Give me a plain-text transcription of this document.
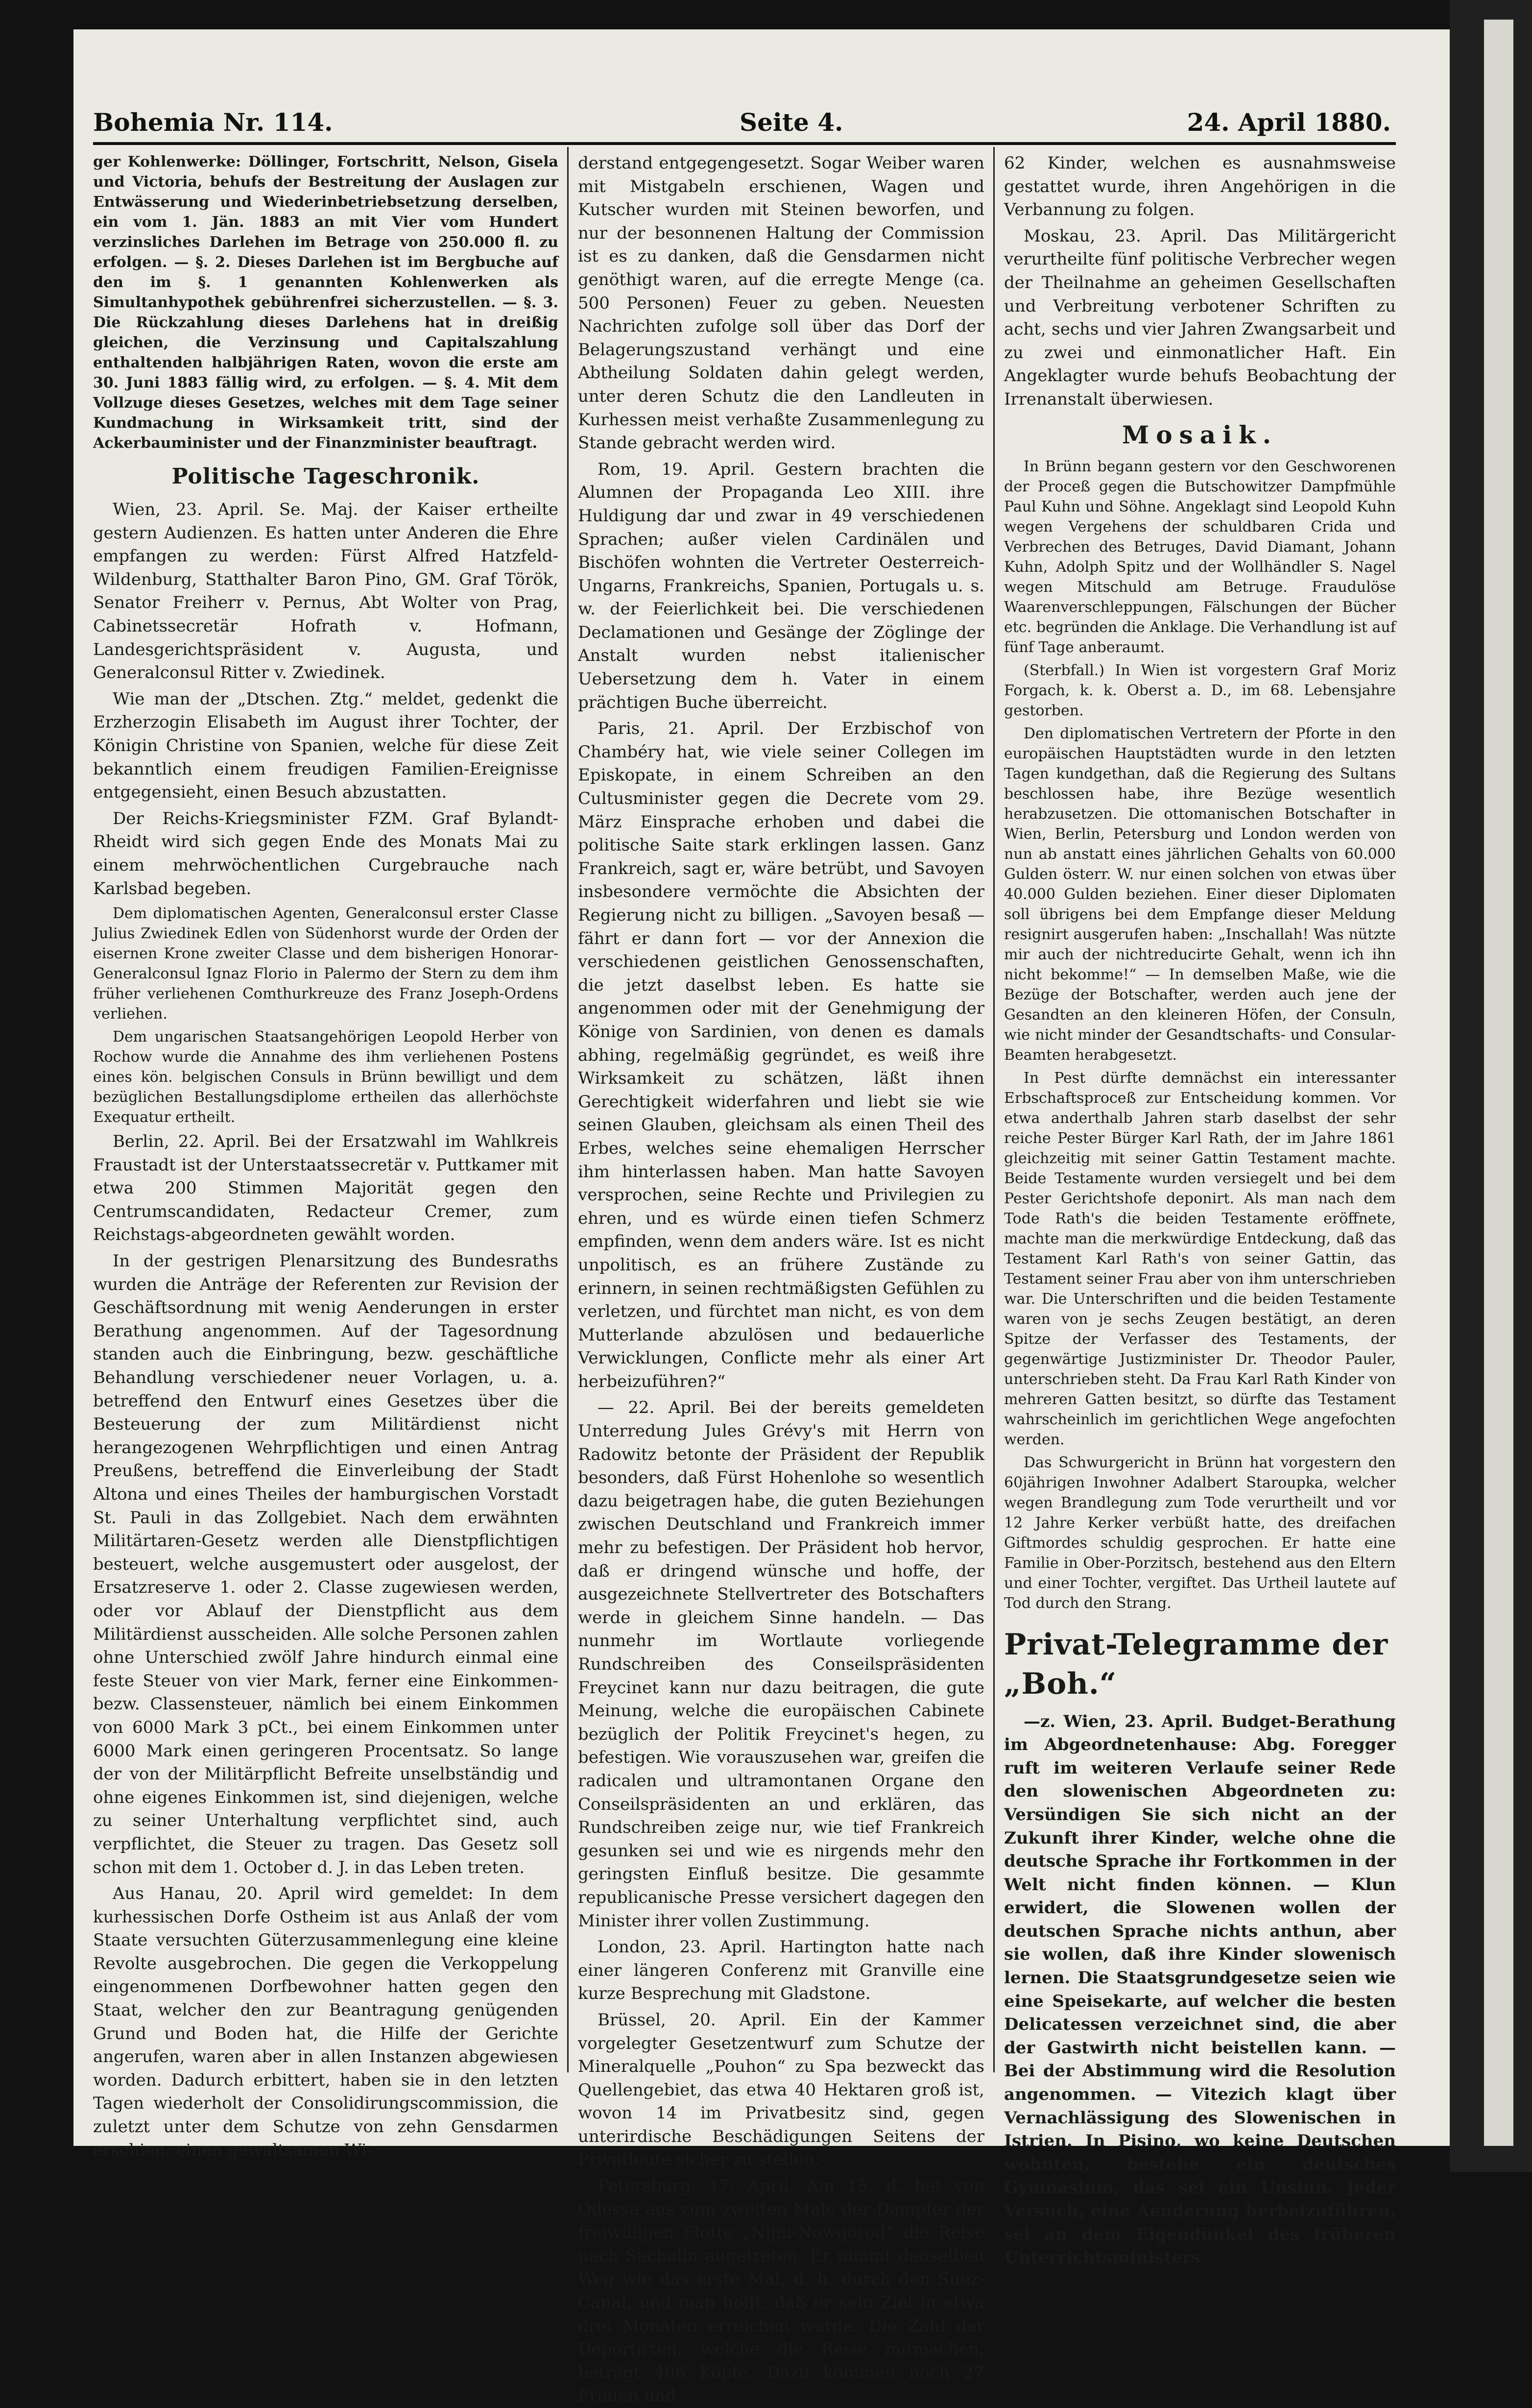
Bohemia Nr. 114.	Seite 4.	24. April 1880.

ger Kohlenwerke: Döllinger, Fortschritt, Nelson, Gisela und Victoria, behufs der Bestreitung der Auslagen zur Entwässerung und Wiederinbetriebsetzung derselben, ein vom 1. Jän. 1883 an mit Vier vom Hundert verzinsliches Darlehen im Betrage von 250.000 fl. zu erfolgen. — §. 2. Dieses Darlehen ist im Bergbuche auf den im §. 1 genannten Kohlenwerken als Simultanhypothek gebührenfrei sicherzustellen. — §. 3. Die Rückzahlung dieses Darlehens hat in dreißig gleichen, die Verzinsung und Capitalszahlung enthaltenden halbjährigen Raten, wovon die erste am 30. Juni 1883 fällig wird, zu erfolgen. — §. 4. Mit dem Vollzuge dieses Gesetzes, welches mit dem Tage seiner Kundmachung in Wirksamkeit tritt, sind der Ackerbauminister und der Finanzminister beauftragt.

Politische Tageschronik.

Wien, 23. April. Se. Maj. der Kaiser ertheilte gestern Audienzen. Es hatten unter Anderen die Ehre empfangen zu werden: Fürst Alfred Hatzfeld-Wildenburg, Statthalter Baron Pino, GM. Graf Török, Senator Freiherr v. Pernus, Abt Wolter von Prag, Cabinetssecretär Hofrath v. Hofmann, Landesgerichtspräsident v. Augusta, und Generalconsul Ritter v. Zwiedinek.

Wie man der „Dtschen. Ztg.“ meldet, gedenkt die Erzherzogin Elisabeth im August ihrer Tochter, der Königin Christine von Spanien, welche für diese Zeit bekanntlich einem freudigen Familien-Ereignisse entgegensieht, einen Besuch abzustatten.

Der Reichs-Kriegsminister FZM. Graf Bylandt-Rheidt wird sich gegen Ende des Monats Mai zu einem mehrwöchentlichen Curgebrauche nach Karlsbad begeben.

Dem diplomatischen Agenten, Generalconsul erster Classe Julius Zwiedinek Edlen von Südenhorst wurde der Orden der eisernen Krone zweiter Classe und dem bisherigen Honorar-Generalconsul Ignaz Florio in Palermo der Stern zu dem ihm früher verliehenen Comthurkreuze des Franz Joseph-Ordens verliehen.

Dem ungarischen Staatsangehörigen Leopold Herber von Rochow wurde die Annahme des ihm verliehenen Postens eines kön. belgischen Consuls in Brünn bewilligt und dem bezüglichen Bestallungsdiplome ertheilen das allerhöchste Exequatur ertheilt.

Berlin, 22. April. Bei der Ersatzwahl im Wahlkreis Fraustadt ist der Unterstaatssecretär v. Puttkamer mit etwa 200 Stimmen Majorität gegen den Centrumscandidaten, Redacteur Cremer, zum Reichstags-abgeordneten gewählt worden.

In der gestrigen Plenarsitzung des Bundesraths wurden die Anträge der Referenten zur Revision der Geschäftsordnung mit wenig Aenderungen in erster Berathung angenommen. Auf der Tagesordnung standen auch die Einbringung, bezw. geschäftliche Behandlung verschiedener neuer Vorlagen, u. a. betreffend den Entwurf eines Gesetzes über die Besteuerung der zum Militärdienst nicht herangezogenen Wehrpflichtigen und einen Antrag Preußens, betreffend die Einverleibung der Stadt Altona und eines Theiles der hamburgischen Vorstadt St. Pauli in das Zollgebiet. Nach dem erwähnten Militärtaren-Gesetz werden alle Dienstpflichtigen besteuert, welche ausgemustert oder ausgelost, der Ersatzreserve 1. oder 2. Classe zugewiesen werden, oder vor Ablauf der Dienstpflicht aus dem Militärdienst ausscheiden. Alle solche Personen zahlen ohne Unterschied zwölf Jahre hindurch einmal eine feste Steuer von vier Mark, ferner eine Einkommen- bezw. Classensteuer, nämlich bei einem Einkommen von 6000 Mark 3 pCt., bei einem Einkommen unter 6000 Mark einen geringeren Procentsatz. So lange der von der Militärpflicht Befreite unselbständig und ohne eigenes Einkommen ist, sind diejenigen, welche zu seiner Unterhaltung verpflichtet sind, auch verpflichtet, die Steuer zu tragen. Das Gesetz soll schon mit dem 1. October d. J. in das Leben treten.

Aus Hanau, 20. April wird gemeldet: In dem kurhessischen Dorfe Ostheim ist aus Anlaß der vom Staate versuchten Güterzusammenlegung eine kleine Revolte ausgebrochen. Die gegen die Verkoppelung eingenommenen Dorfbewohner hatten gegen den Staat, welcher den zur Beantragung genügenden Grund und Boden hat, die Hilfe der Gerichte angerufen, waren aber in allen Instanzen abgewiesen worden. Dadurch erbittert, haben sie in den letzten Tagen wiederholt der Consolidirungscommission, die zuletzt unter dem Schutze von zehn Gensdarmen erschien, einen gewaltsamen Wi-

derstand entgegengesetzt. Sogar Weiber waren mit Mistgabeln erschienen, Wagen und Kutscher wurden mit Steinen beworfen, und nur der besonnenen Haltung der Commission ist es zu danken, daß die Gensdarmen nicht genöthigt waren, auf die erregte Menge (ca. 500 Personen) Feuer zu geben. Neuesten Nachrichten zufolge soll über das Dorf der Belagerungszustand verhängt und eine Abtheilung Soldaten dahin gelegt werden, unter deren Schutz die den Landleuten in Kurhessen meist verhaßte Zusammenlegung zu Stande gebracht werden wird.

Rom, 19. April. Gestern brachten die Alumnen der Propaganda Leo XIII. ihre Huldigung dar und zwar in 49 verschiedenen Sprachen; außer vielen Cardinälen und Bischöfen wohnten die Vertreter Oesterreich-Ungarns, Frankreichs, Spanien, Portugals u. s. w. der Feierlichkeit bei. Die verschiedenen Declamationen und Gesänge der Zöglinge der Anstalt wurden nebst italienischer Uebersetzung dem h. Vater in einem prächtigen Buche überreicht.

Paris, 21. April. Der Erzbischof von Chambéry hat, wie viele seiner Collegen im Episkopate, in einem Schreiben an den Cultusminister gegen die Decrete vom 29. März Einsprache erhoben und dabei die politische Saite stark erklingen lassen. Ganz Frankreich, sagt er, wäre betrübt, und Savoyen insbesondere vermöchte die Absichten der Regierung nicht zu billigen. „Savoyen besaß — fährt er dann fort — vor der Annexion die verschiedenen geistlichen Genossenschaften, die jetzt daselbst leben. Es hatte sie angenommen oder mit der Genehmigung der Könige von Sardinien, von denen es damals abhing, regelmäßig gegründet, es weiß ihre Wirksamkeit zu schätzen, läßt ihnen Gerechtigkeit widerfahren und liebt sie wie seinen Glauben, gleichsam als einen Theil des Erbes, welches seine ehemaligen Herrscher ihm hinterlassen haben. Man hatte Savoyen versprochen, seine Rechte und Privilegien zu ehren, und es würde einen tiefen Schmerz empfinden, wenn dem anders wäre. Ist es nicht unpolitisch, es an frühere Zustände zu erinnern, in seinen rechtmäßigsten Gefühlen zu verletzen, und fürchtet man nicht, es von dem Mutterlande abzulösen und bedauerliche Verwicklungen, Conflicte mehr als einer Art herbeizuführen?“

— 22. April. Bei der bereits gemeldeten Unterredung Jules Grévy's mit Herrn von Radowitz betonte der Präsident der Republik besonders, daß Fürst Hohenlohe so wesentlich dazu beigetragen habe, die guten Beziehungen zwischen Deutschland und Frankreich immer mehr zu befestigen. Der Präsident hob hervor, daß er dringend wünsche und hoffe, der ausgezeichnete Stellvertreter des Botschafters werde in gleichem Sinne handeln. — Das nunmehr im Wortlaute vorliegende Rundschreiben des Conseilspräsidenten Freycinet kann nur dazu beitragen, die gute Meinung, welche die europäischen Cabinete bezüglich der Politik Freycinet's hegen, zu befestigen. Wie vorauszusehen war, greifen die radicalen und ultramontanen Organe den Conseilspräsidenten an und erklären, das Rundschreiben zeige nur, wie tief Frankreich gesunken sei und wie es nirgends mehr den geringsten Einfluß besitze. Die gesammte republicanische Presse versichert dagegen den Minister ihrer vollen Zustimmung.

London, 23. April. Hartington hatte nach einer längeren Conferenz mit Granville eine kurze Besprechung mit Gladstone.

Brüssel, 20. April. Ein der Kammer vorgelegter Gesetzentwurf zum Schutze der Mineralquelle „Pouhon“ zu Spa bezweckt das Quellengebiet, das etwa 40 Hektaren groß ist, wovon 14 im Privatbesitz sind, gegen unterirdische Beschädigungen Seitens der Privatleute sicher zu stellen.

Petersburg, 17. April. Am 15. d. hat von Odessa aus zum zweiten Male der Dampfer der freiwilligen Flotte „Nijni-Nowgorod“ die Reise nach Sachalin angetreten. Er nimmt denselben Weg wie das erste Mal, d. h. durch den Suez-Canal, und man hofft, daß er sein Ziel in etwa drei Monaten erreichen werde. Die Zahl der Deportirten, welche die Reise mitmachen, beträgt 406 Köpfe. Dazu kommen noch 27 Frauen und

62 Kinder, welchen es ausnahmsweise gestattet wurde, ihren Angehörigen in die Verbannung zu folgen.

Moskau, 23. April. Das Militärgericht verurtheilte fünf politische Verbrecher wegen der Theilnahme an geheimen Gesellschaften und Verbreitung verbotener Schriften zu acht, sechs und vier Jahren Zwangsarbeit und zu zwei und einmonatlicher Haft. Ein Angeklagter wurde behufs Beobachtung der Irrenanstalt überwiesen.

Mosaik.

In Brünn begann gestern vor den Geschworenen der Proceß gegen die Butschowitzer Dampfmühle Paul Kuhn und Söhne. Angeklagt sind Leopold Kuhn wegen Vergehens der schuldbaren Crida und Verbrechen des Betruges, David Diamant, Johann Kuhn, Adolph Spitz und der Wollhändler S. Nagel wegen Mitschuld am Betruge. Fraudulöse Waarenverschleppungen, Fälschungen der Bücher etc. begründen die Anklage. Die Verhandlung ist auf fünf Tage anberaumt.

(Sterbfall.) In Wien ist vorgestern Graf Moriz Forgach, k. k. Oberst a. D., im 68. Lebensjahre gestorben.

Den diplomatischen Vertretern der Pforte in den europäischen Hauptstädten wurde in den letzten Tagen kundgethan, daß die Regierung des Sultans beschlossen habe, ihre Bezüge wesentlich herabzusetzen. Die ottomanischen Botschafter in Wien, Berlin, Petersburg und London werden von nun ab anstatt eines jährlichen Gehalts von 60.000 Gulden österr. W. nur einen solchen von etwas über 40.000 Gulden beziehen. Einer dieser Diplomaten soll übrigens bei dem Empfange dieser Meldung resignirt ausgerufen haben: „Inschallah! Was nützte mir auch der nichtreducirte Gehalt, wenn ich ihn nicht bekomme!“ — In demselben Maße, wie die Bezüge der Botschafter, werden auch jene der Gesandten an den kleineren Höfen, der Consuln, wie nicht minder der Gesandtschafts- und Consular-Beamten herabgesetzt.

In Pest dürfte demnächst ein interessanter Erbschaftsproceß zur Entscheidung kommen. Vor etwa anderthalb Jahren starb daselbst der sehr reiche Pester Bürger Karl Rath, der im Jahre 1861 gleichzeitig mit seiner Gattin Testament machte. Beide Testamente wurden versiegelt und bei dem Pester Gerichtshofe deponirt. Als man nach dem Tode Rath's die beiden Testamente eröffnete, machte man die merkwürdige Entdeckung, daß das Testament Karl Rath's von seiner Gattin, das Testament seiner Frau aber von ihm unterschrieben war. Die Unterschriften und die beiden Testamente waren von je sechs Zeugen bestätigt, an deren Spitze der Verfasser des Testaments, der gegenwärtige Justizminister Dr. Theodor Pauler, unterschrieben steht. Da Frau Karl Rath Kinder von mehreren Gatten besitzt, so dürfte das Testament wahrscheinlich im gerichtlichen Wege angefochten werden.

Das Schwurgericht in Brünn hat vorgestern den 60jährigen Inwohner Adalbert Staroupka, welcher wegen Brandlegung zum Tode verurtheilt und vor 12 Jahre Kerker verbüßt hatte, des dreifachen Giftmordes schuldig gesprochen. Er hatte eine Familie in Ober-Porzitsch, bestehend aus den Eltern und einer Tochter, vergiftet. Das Urtheil lautete auf Tod durch den Strang.

Privat-Telegramme der „Boh.“

—z. Wien, 23. April. Budget-Berathung im Abgeordnetenhause: Abg. Foregger ruft im weiteren Verlaufe seiner Rede den slowenischen Abgeordneten zu: Versündigen Sie sich nicht an der Zukunft ihrer Kinder, welche ohne die deutsche Sprache ihr Fortkommen in der Welt nicht finden können. — Klun erwidert, die Slowenen wollen der deutschen Sprache nichts anthun, aber sie wollen, daß ihre Kinder slowenisch lernen. Die Staatsgrundgesetze seien wie eine Speisekarte, auf welcher die besten Delicatessen verzeichnet sind, die aber der Gastwirth nicht beistellen kann. — Bei der Abstimmung wird die Resolution angenommen. — Vitezich klagt über Vernachlässigung des Slowenischen in Istrien. In Pisino, wo keine Deutschen wohnten, bestehe ein deutsches Gymnasium, das sei ein Unsinn. Jeder Versuch, eine Aenderung herbeizuführen, sei an dem Eigendünkel des früheren Unterrichtsministers
